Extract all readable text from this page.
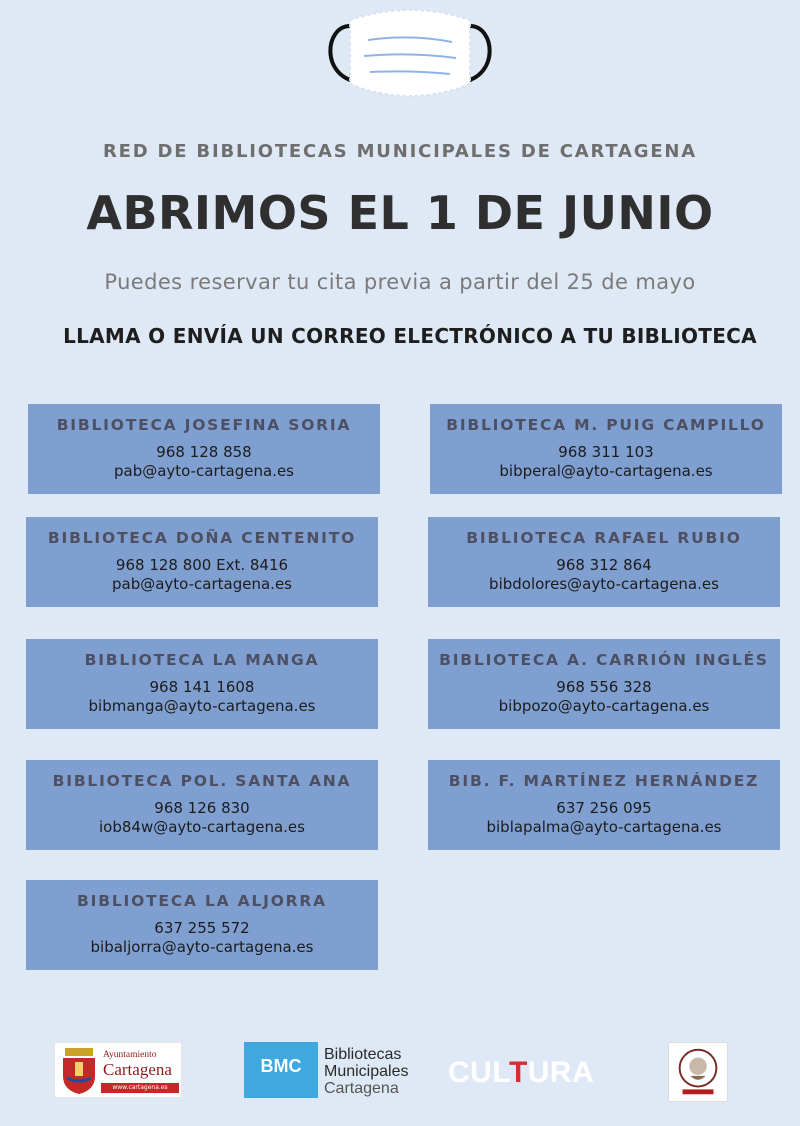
RED DE BIBLIOTECAS MUNICIPALES DE CARTAGENA
ABRIMOS EL 1 DE JUNIO
Puedes reservar tu cita previa a partir del 25 de mayo
LLAMA O ENVÍA UN CORREO ELECTRÓNICO A TU BIBLIOTECA
BIBLIOTECA JOSEFINA SORIA
968 128 858
pab@ayto-cartagena.es
BIBLIOTECA M. PUIG CAMPILLO
968 311 103
bibperal@ayto-cartagena.es
BIBLIOTECA DOÑA CENTENITO
968 128 800 Ext. 8416
pab@ayto-cartagena.es
BIBLIOTECA RAFAEL RUBIO
968 312 864
bibdolores@ayto-cartagena.es
BIBLIOTECA LA MANGA
968 141 1608
bibmanga@ayto-cartagena.es
BIBLIOTECA A. CARRIÓN INGLÉS
968 556 328
bibpozo@ayto-cartagena.es
BIBLIOTECA POL. SANTA ANA
968 126 830
iob84w@ayto-cartagena.es
BIB. F. MARTÍNEZ HERNÁNDEZ
637 256 095
biblapalma@ayto-cartagena.es
BIBLIOTECA LA ALJORRA
637 255 572
bibaljorra@ayto-cartagena.es
Ayuntamiento
Cartagena
www.cartagena.es
BMC
Bibliotecas
Municipales
Cartagena CULTURA
